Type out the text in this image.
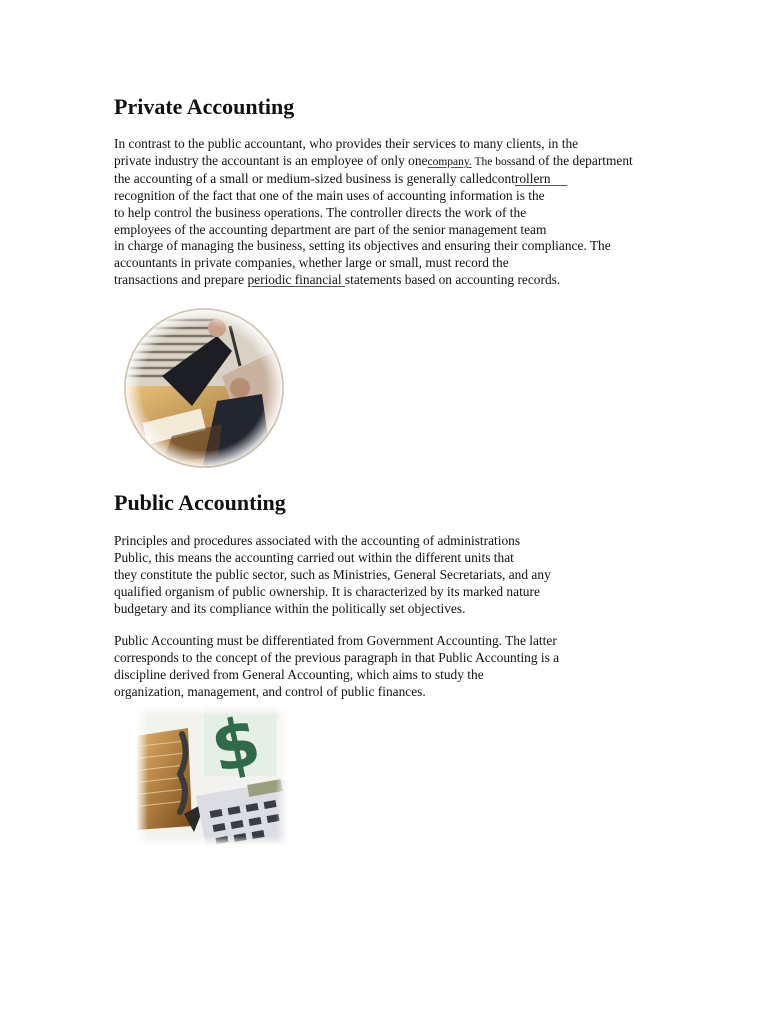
Private Accounting
In contrast to the public accountant, who provides their services to many clients, in the
private industry the accountant is an employee of only onecompany. The bossand of the department
the accounting of a small or medium-sized business is generally calledcontrollern
recognition of the fact that one of the main uses of accounting information is the
to help control the business operations. The controller directs the work of the
employees of the accounting department are part of the senior management team
in charge of managing the business, setting its objectives and ensuring their compliance. The
accountants in private companies, whether large or small, must record the
transactions and prepare periodic financial statements based on accounting records.
Public Accounting
Principles and procedures associated with the accounting of administrations
Public, this means the accounting carried out within the different units that
they constitute the public sector, such as Ministries, General Secretariats, and any
qualified organism of public ownership. It is characterized by its marked nature
budgetary and its compliance within the politically set objectives.
Public Accounting must be differentiated from Government Accounting. The latter
corresponds to the concept of the previous paragraph in that Public Accounting is a
discipline derived from General Accounting, which aims to study the
organization, management, and control of public finances.
